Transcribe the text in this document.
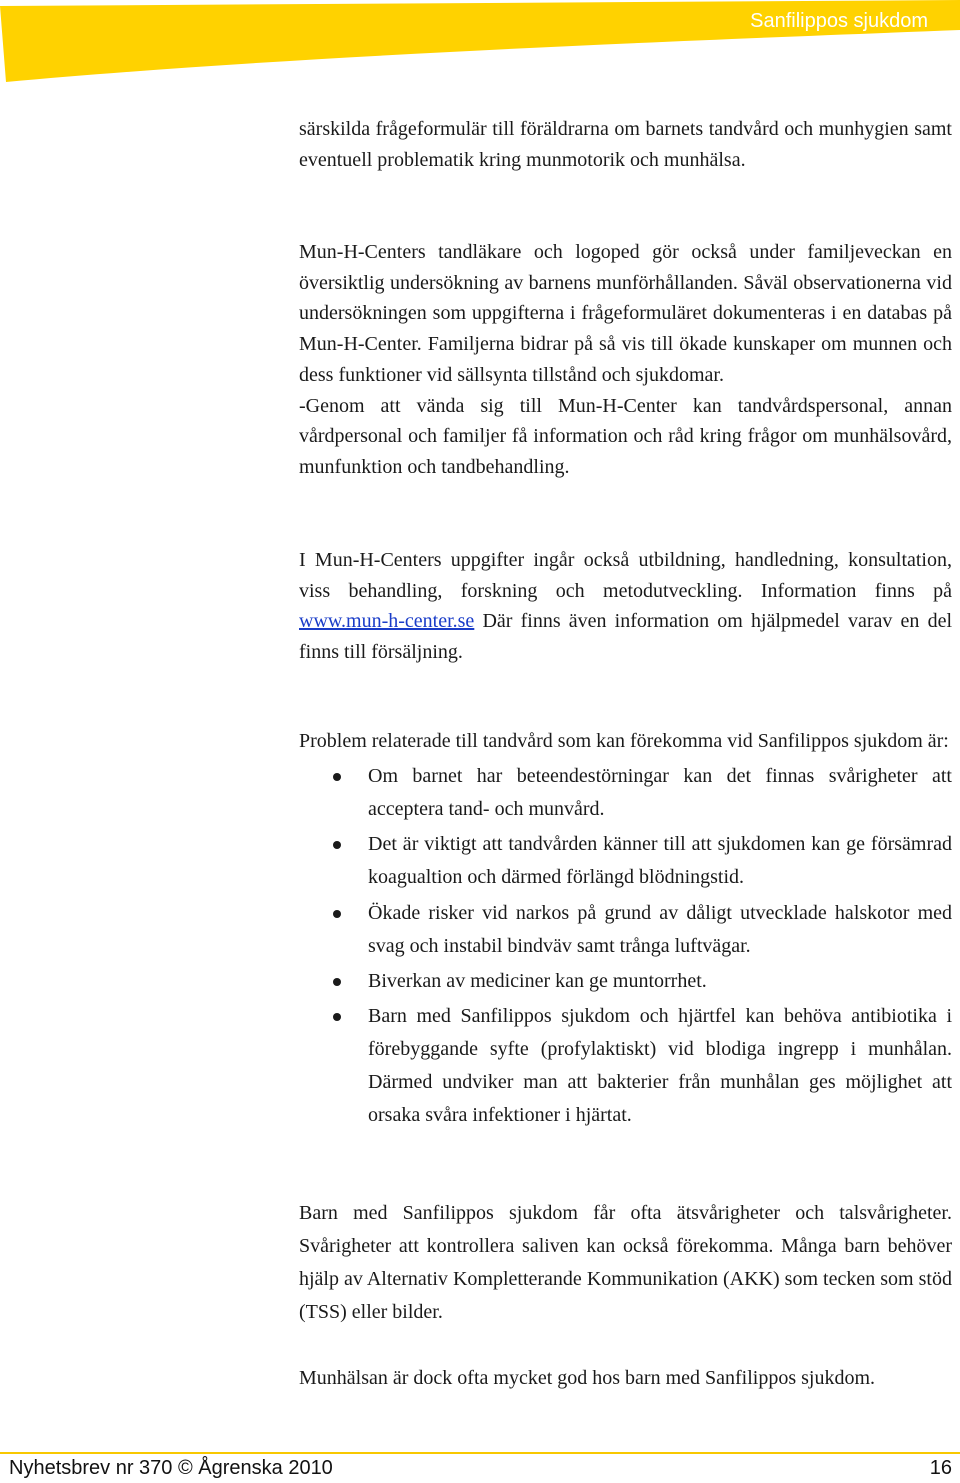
Sanfilippos sjukdom

särskilda frågeformulär till föräldrarna om barnets tandvård och munhygien samt eventuell problematik kring munmotorik och munhälsa.

Mun-H-Centers tandläkare och logoped gör också under familjeveckan en översiktlig undersökning av barnens munförhållanden. Såväl observationerna vid undersökningen som uppgifterna i frågeformuläret dokumenteras i en databas på Mun-H-Center. Familjerna bidrar på så vis till ökade kunskaper om munnen och dess funktioner vid sällsynta tillstånd och sjukdomar.

-Genom att vända sig till Mun-H-Center kan tandvårdspersonal, annan vårdpersonal och familjer få information och råd kring frågor om munhälsovård, munfunktion och tandbehandling.

I Mun-H-Centers uppgifter ingår också utbildning, handledning, konsultation, viss behandling, forskning och metodutveckling. Information finns på www.mun-h-center.se Där finns även information om hjälpmedel varav en del finns till försäljning.

Problem relaterade till tandvård som kan förekomma vid Sanfilippos sjukdom är:

Om barnet har beteendestörningar kan det finnas svårigheter att acceptera tand- och munvård.
Det är viktigt att tandvården känner till att sjukdomen kan ge försämrad koagualtion och därmed förlängd blödningstid.
Ökade risker vid narkos på grund av dåligt utvecklade halskotor med svag och instabil bindväv samt trånga luftvägar.
Biverkan av mediciner kan ge muntorrhet.
Barn med Sanfilippos sjukdom och hjärtfel kan behöva antibiotika i förebyggande syfte (profylaktiskt) vid blodiga ingrepp i munhålan. Därmed undviker man att bakterier från munhålan ges möjlighet att orsaka svåra infektioner i hjärtat.

Barn med Sanfilippos sjukdom får ofta ätsvårigheter och talsvårigheter. Svårigheter att kontrollera saliven kan också förekomma. Många barn behöver hjälp av Alternativ Kompletterande Kommunikation (AKK) som tecken som stöd (TSS) eller bilder.

Munhälsan är dock ofta mycket god hos barn med Sanfilippos sjukdom.

Nyhetsbrev nr 370 © Ågrenska 2010	16
